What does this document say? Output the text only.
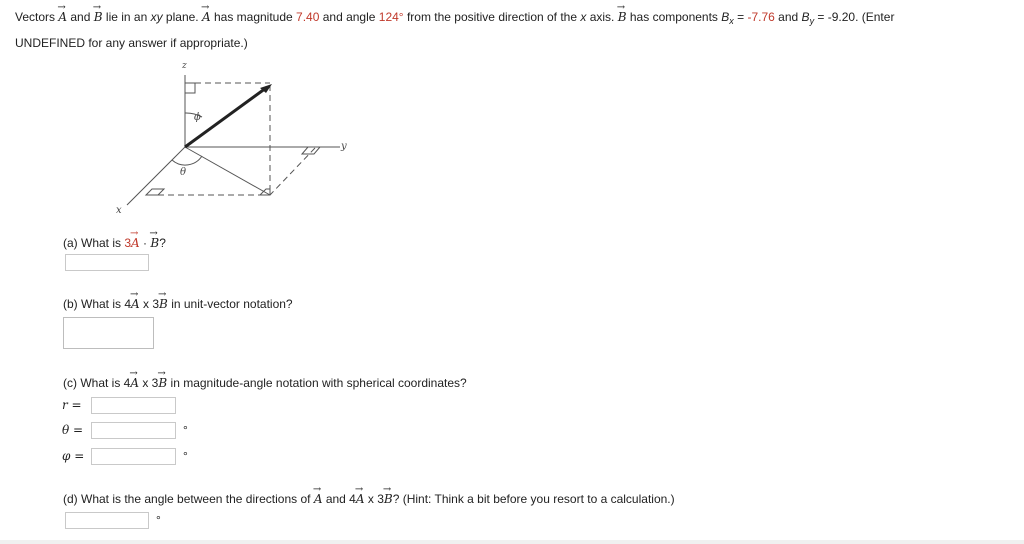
Vectors → A and → B lie in an xy plane. → A has magnitude 7.40 and angle 124° from the positive direction of the x axis. → B has components $B_x = -7.76$ and $B_y = -9.20$. (Enter
UNDEFINED for any answer if appropriate.)
z
y
x
ϕ
θ
(a) What is 3→ A · → B?
(b) What is 4→ A x 3→ B in unit-vector notation?
(c) What is 4→ A x 3→ B in magnitude-angle notation with spherical coordinates?
r =
θ =	°
φ =	°
(d) What is the angle between the directions of → A and 4→ A x 3→ B? (Hint: Think a bit before you resort to a calculation.)
°
